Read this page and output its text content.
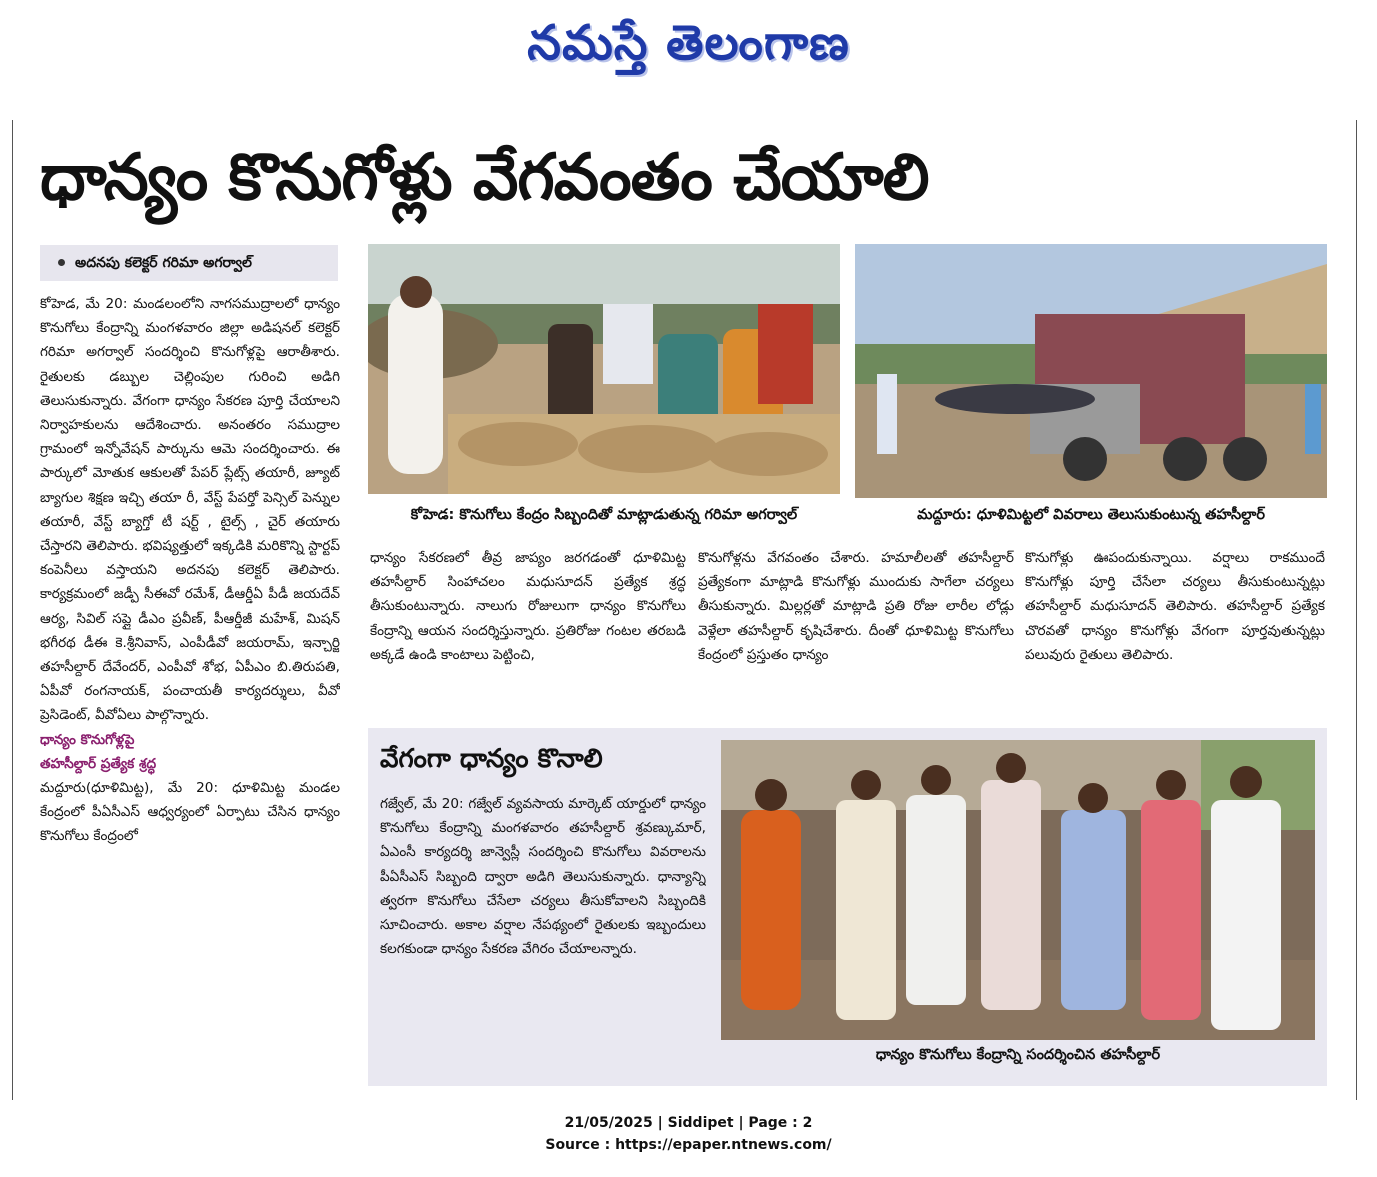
నమస్తే తెలంగాణ
ధాన్యం కొనుగోళ్లు వేగవంతం చేయాలి
అదనపు కలెక్టర్ గరిమా అగర్వాల్

కోహెడ, మే 20: మండలంలోని నాగసముద్రాలలో ధాన్యం కొనుగోలు కేంద్రాన్ని మంగళవారం జిల్లా అడిషనల్ కలెక్టర్ గరిమా అగర్వాల్ సందర్శించి కొనుగోళ్లపై ఆరాతీశారు. రైతులకు డబ్బుల చెల్లింపుల గురించి అడిగి తెలుసుకున్నారు. వేగంగా ధాన్యం సేకరణ పూర్తి చేయాలని నిర్వాహకులను ఆదేశించారు. అనంతరం సముద్రాల గ్రామంలో ఇన్నోవేషన్ పార్కును ఆమె సందర్శించారు. ఈ పార్కులో మోతుక ఆకులతో పేపర్ ప్లేట్స్ తయారీ, జ్యూట్ బ్యాగుల శిక్షణ ఇచ్చి తయా రీ, వేస్ట్ పేపర్తో పెన్సిల్ పెన్నుల తయారీ, వేస్ట్ బ్యాగ్తో టీ షర్ట్ , టైల్స్ , చైర్ తయారు చేస్తారని తెలిపారు. భవిష్యత్తులో ఇక్కడికి మరికొన్ని స్టార్టప్ కంపెనీలు వస్తాయని అదనపు కలెక్టర్ తెలిపారు. కార్యక్రమంలో జడ్పీ సీఈవో రమేశ్, డీఆర్డీఏ పీడీ జయదేవ్ ఆర్య, సివిల్ సప్లై డీఎం ప్రవీణ్, పీఆర్డీజీ మహేశ్, మిషన్ భగీరథ డీఈ కె.శ్రీనివాస్, ఎంపీడీవో జయరామ్, ఇన్చార్జి తహసీల్దార్ దేవేందర్, ఎంపీవో శోభ, ఏపీఎం బి.తిరుపతి, ఏపీవో రంగనాయక్, పంచాయతీ కార్యదర్శులు, వీవో ప్రెసిడెంట్, వీవోఏలు పాల్గొన్నారు.

ధాన్యం కొనుగోళ్లపై

తహసీల్దార్ ప్రత్యేక శ్రద్ధ

మద్దూరు(ధూళిమిట్ట), మే 20: ధూళిమిట్ట మండల కేంద్రంలో పీఏసీఎస్ ఆధ్వర్యంలో ఏర్పాటు చేసిన ధాన్యం కొనుగోలు కేంద్రంలో

కోహెడ: కొనుగోలు కేంద్రం సిబ్బందితో మాట్లాడుతున్న గరిమా అగర్వాల్	మద్దూరు: ధూళిమిట్టలో వివరాలు తెలుసుకుంటున్న తహసీల్దార్

ధాన్యం సేకరణలో తీవ్ర జాప్యం జరగడంతో ధూళిమిట్ట తహసీల్దార్ సింహాచలం మధుసూదన్ ప్రత్యేక శ్రద్ధ తీసుకుంటున్నారు. నాలుగు రోజులుగా ధాన్యం కొనుగోలు కేంద్రాన్ని ఆయన సందర్శిస్తున్నారు. ప్రతిరోజు గంటల తరబడి అక్కడే ఉండి కాంటాలు పెట్టించి,

కొనుగోళ్లను వేగవంతం చేశారు. హమాలీలతో తహసీల్దార్ ప్రత్యేకంగా మాట్లాడి కొనుగోళ్లు ముందుకు సాగేలా చర్యలు తీసుకున్నారు. మిల్లర్లతో మాట్లాడి ప్రతి రోజు లారీల లోడ్లు వెళ్లేలా తహసీల్దార్ కృషిచేశారు. దీంతో ధూళిమిట్ట కొనుగోలు కేంద్రంలో ప్రస్తుతం ధాన్యం

కొనుగోళ్లు ఊపందుకున్నాయి. వర్షాలు రాకముందే కొనుగోళ్లు పూర్తి చేసేలా చర్యలు తీసుకుంటున్నట్లు తహసీల్దార్ మధుసూదన్ తెలిపారు. తహసీల్దార్ ప్రత్యేక చొరవతో ధాన్యం కొనుగోళ్లు వేగంగా పూర్తవుతున్నట్లు పలువురు రైతులు తెలిపారు.

వేగంగా ధాన్యం కొనాలి

గజ్వేల్, మే 20: గజ్వేల్ వ్యవసాయ మార్కెట్ యార్డులో ధాన్యం కొనుగోలు కేంద్రాన్ని మంగళవారం తహసీల్దార్ శ్రవణ్కుమార్, ఏఎంసీ కార్యదర్శి జాన్వెస్లీ సందర్శించి కొనుగోలు వివరాలను పీఏసీఎస్ సిబ్బంది ద్వారా అడిగి తెలుసుకున్నారు. ధాన్యాన్ని త్వరగా కొనుగోలు చేసేలా చర్యలు తీసుకోవాలని సిబ్బందికి సూచించారు. అకాల వర్షాల నేపథ్యంలో రైతులకు ఇబ్బందులు కలగకుండా ధాన్యం సేకరణ వేగిరం చేయాలన్నారు.

ధాన్యం కొనుగోలు కేంద్రాన్ని సందర్శించిన తహసీల్దార్
21/05/2025 | Siddipet | Page : 2
Source : https://epaper.ntnews.com/
